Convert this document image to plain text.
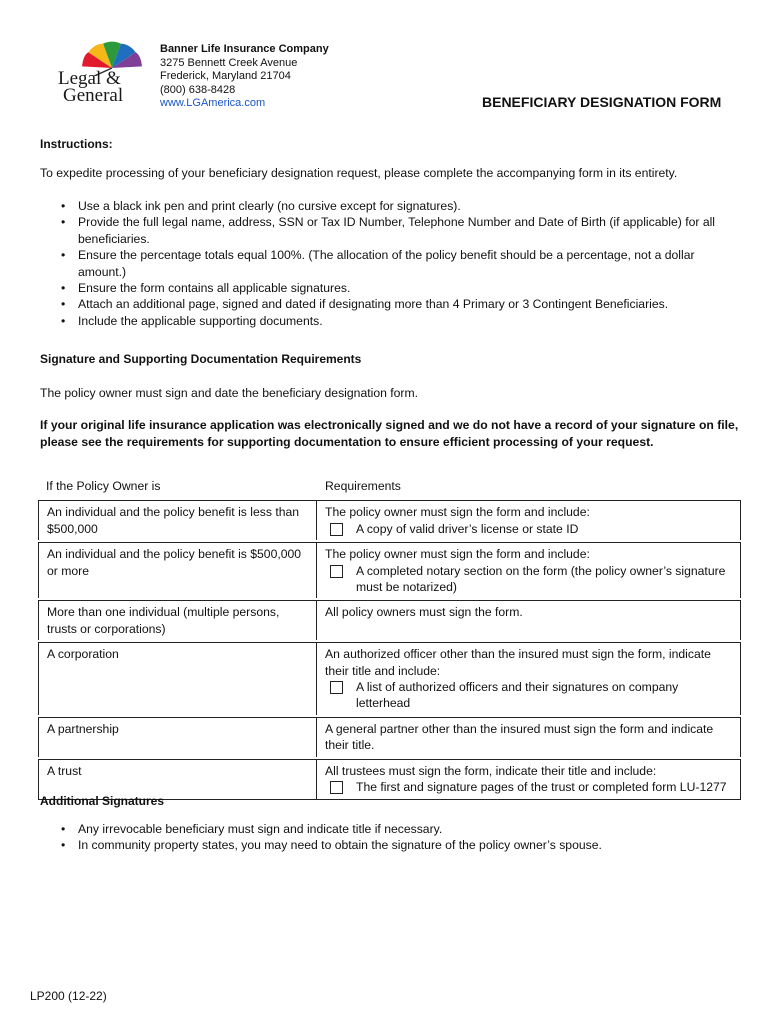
Legal &
General
Banner Life Insurance Company
3275 Bennett Creek Avenue
Frederick, Maryland 21704
(800) 638-8428
www.LGAmerica.com	BENEFICIARY DESIGNATION FORM
Instructions:

To expedite processing of your beneficiary designation request, please complete the accompanying form in its entirety.

• Use a black ink pen and print clearly (no cursive except for signatures).
• Provide the full legal name, address, SSN or Tax ID Number, Telephone Number and Date of Birth (if applicable) for all beneficiaries.
• Ensure the percentage totals equal 100%. (The allocation of the policy benefit should be a percentage, not a dollar amount.)
• Ensure the form contains all applicable signatures.
• Attach an additional page, signed and dated if designating more than 4 Primary or 3 Contingent Beneficiaries.
• Include the applicable supporting documents.
Signature and Supporting Documentation Requirements

The policy owner must sign and date the beneficiary designation form.

If your original life insurance application was electronically signed and we do not have a record of your signature on file, please see the requirements for supporting documentation to ensure efficient processing of your request.

If the Policy Owner is	Requirements
An individual and the policy benefit is less than $500,000	The policy owner must sign the form and include:
A copy of valid driver’s license or state ID

An individual and the policy benefit is $500,000 or more	The policy owner must sign the form and include:
A completed notary section on the form (the policy owner’s signature must be notarized)

More than one individual (multiple persons, trusts or corporations)	All policy owners must sign the form.

A corporation	An authorized officer other than the insured must sign the form, indicate their title and include:
A list of authorized officers and their signatures on company letterhead

A partnership	A general partner other than the insured must sign the form and indicate their title.

A trust	All trustees must sign the form, indicate their title and include:
The first and signature pages of the trust or completed form LU-1277
Additional Signatures
• Any irrevocable beneficiary must sign and indicate title if necessary.
• In community property states, you may need to obtain the signature of the policy owner’s spouse.
LP200 (12-22)
